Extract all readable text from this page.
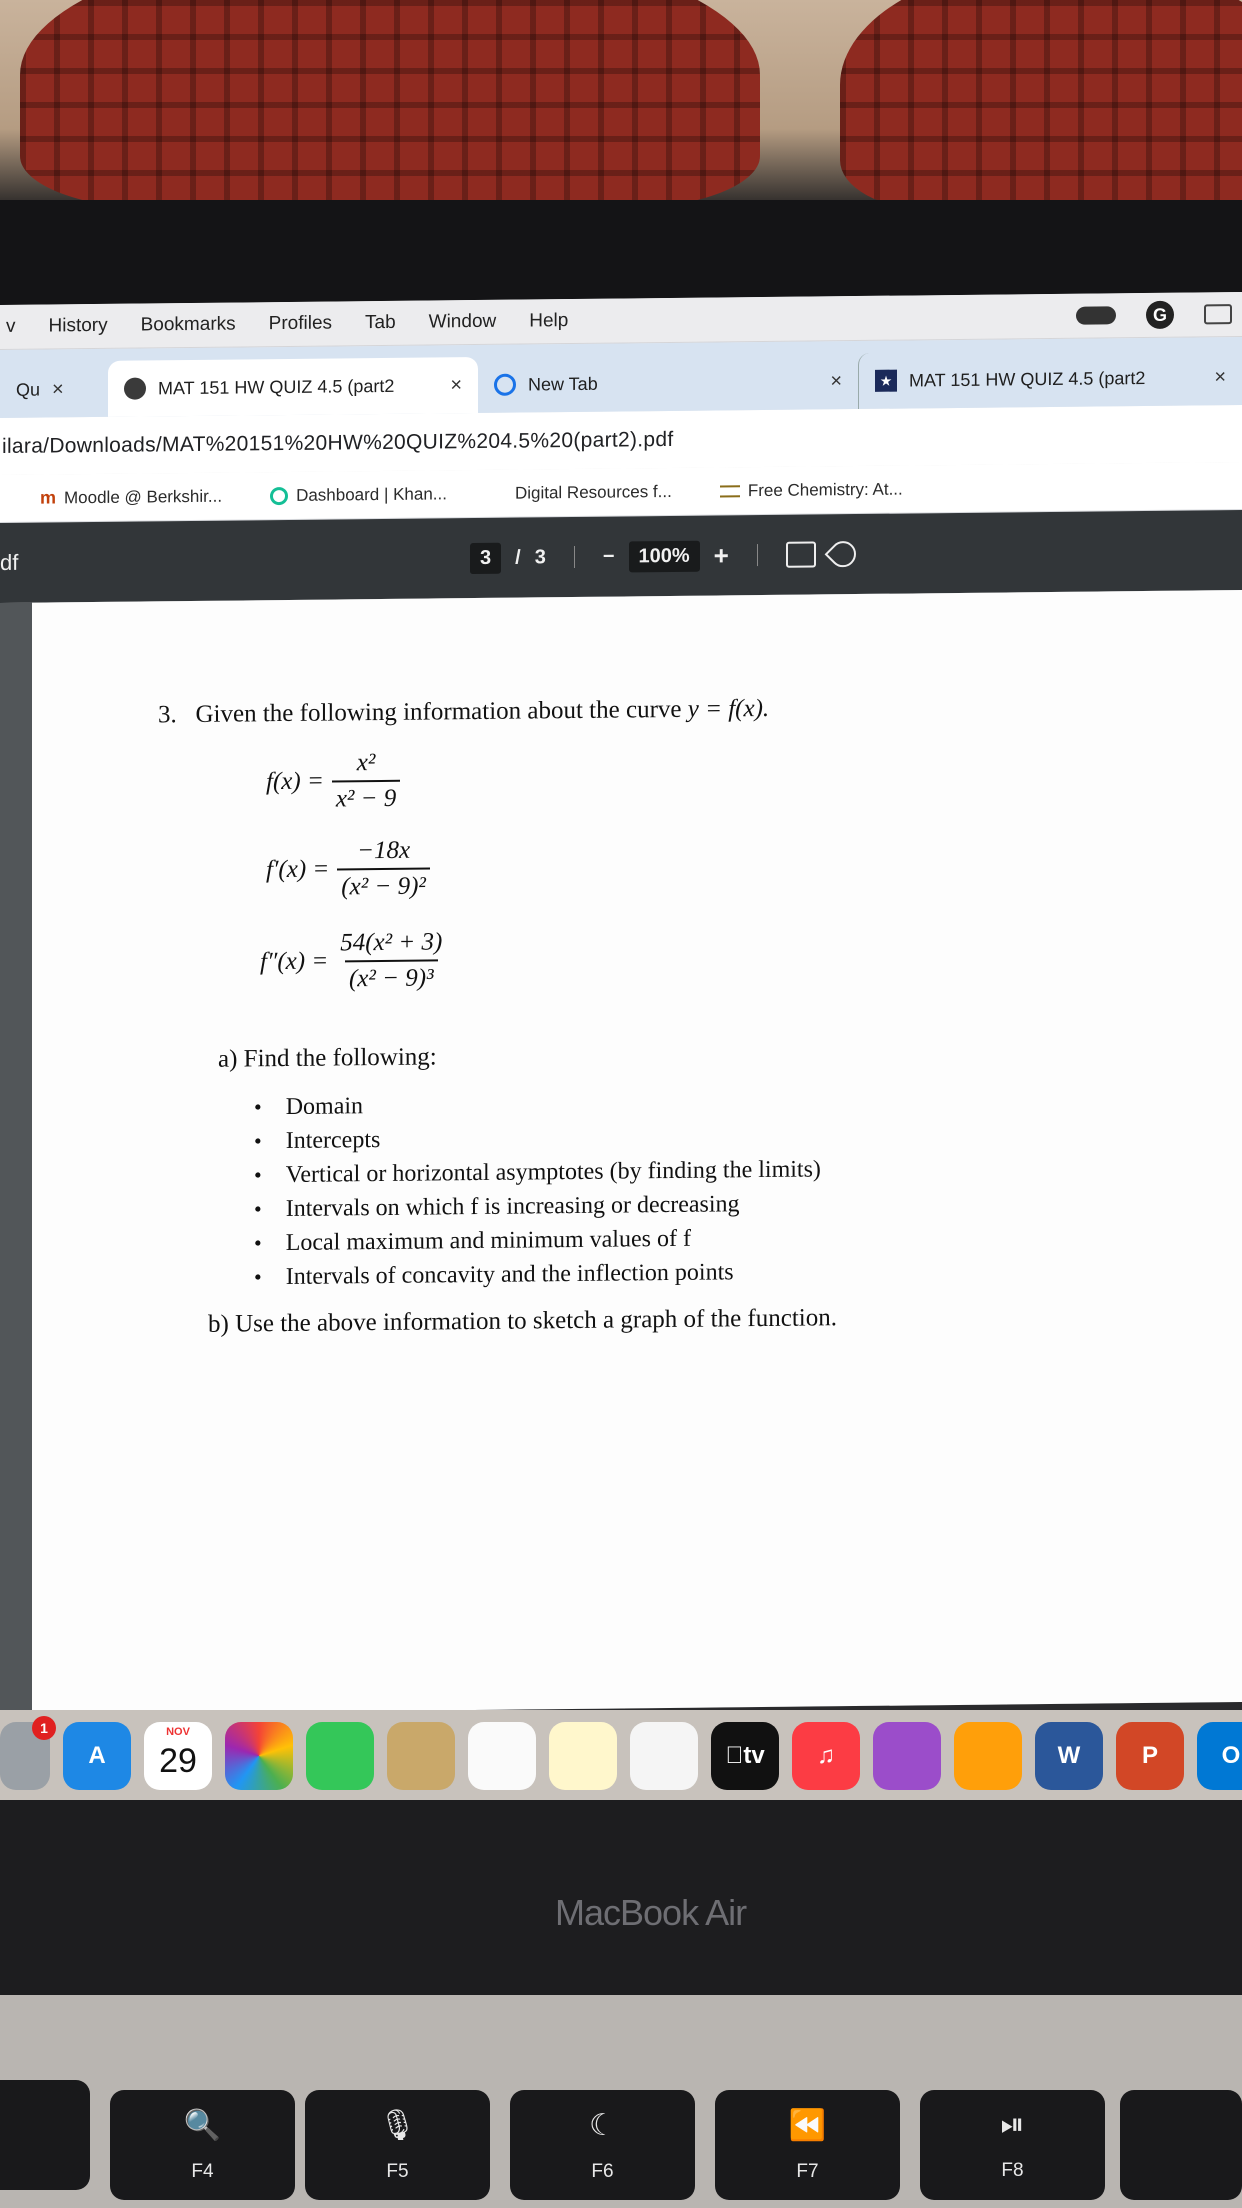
v History Bookmarks Profiles Tab Window Help	G
Qu ×	MAT 151 HW QUIZ 4.5 (part2	×	New Tab	×	★ MAT 151 HW QUIZ 4.5 (part2	×
ilara/Downloads/MAT%20151%20HW%20QUIZ%204.5%20(part2).pdf
m Moodle @ Berkshir...	Dashboard | Khan...	Digital Resources f...	Free Chemistry: At...
df	3	/ 3	−	100% +
3. Given the following information about the curve y = f(x).
$f(x) = \frac{\text{x²}}{\text{x² − 9}}$
$f'(x) = \frac{-18x}{\text{(x² − 9)²}}$
$f''(x) = \frac{\text{54(x² + 3)}}{\text{(x² − 9)³}}$
a) Find the following:
• Domain
• Intercepts
• Vertical or horizontal asymptotes (by finding the limits)
• Intervals on which f is increasing or decreasing
• Local maximum and minimum values of f
• Intervals of concavity and the inflection points
b) Use the above information to sketch a graph of the function.
1
A
NOV
29	tv	♫	W	P	O
MacBook Air
🔍
F4
🎙
F5
☾
F6
⏪
F7
⏯
F8
